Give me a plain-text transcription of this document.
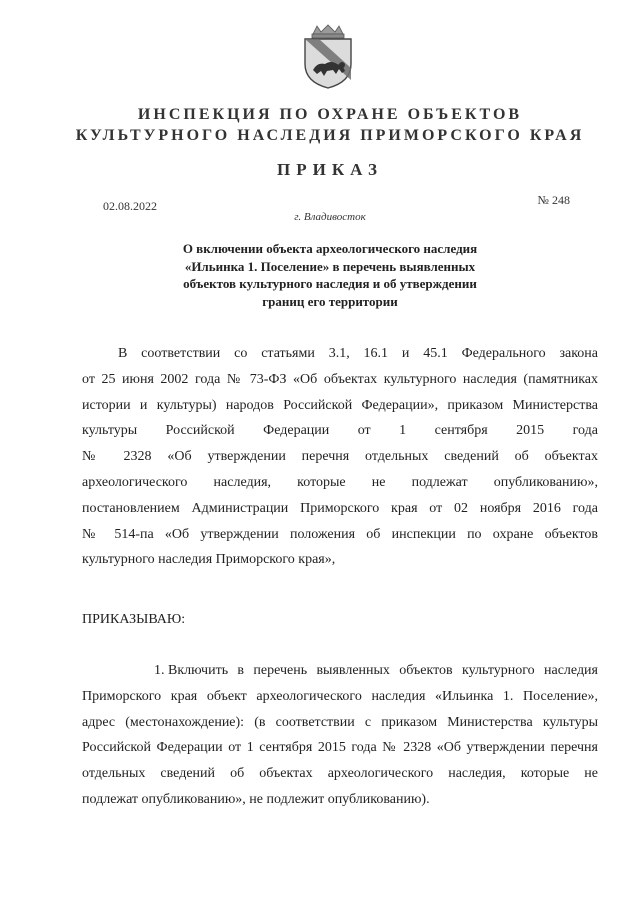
ИНСПЕКЦИЯ ПО ОХРАНЕ ОБЪЕКТОВ
КУЛЬТУРНОГО НАСЛЕДИЯ ПРИМОРСКОГО КРАЯ
ПРИКАЗ
02.08.2022	№ 248
г. Владивосток
О включении объекта археологического наследия
«Ильинка 1. Поселение» в перечень выявленных
объектов культурного наследия и об утверждении
границ его территории
В соответствии со статьями 3.1, 16.1 и 45.1 Федерального закона
от 25 июня 2002 года № 73-ФЗ «Об объектах культурного наследия (памятниках
истории и культуры) народов Российской Федерации», приказом Министерства
культуры Российской Федерации от 1 сентября 2015 года
№ 2328 «Об утверждении перечня отдельных сведений об объектах
археологического наследия, которые не подлежат опубликованию»,
постановлением Администрации Приморского края от 02 ноября 2016 года
№ 514-па «Об утверждении положения об инспекции по охране объектов
культурного наследия Приморского края»,
ПРИКАЗЫВАЮ:
1. Включить в перечень выявленных объектов культурного наследия
Приморского края объект археологического наследия «Ильинка 1. Поселение»,
адрес (местонахождение): (в соответствии с приказом Министерства культуры
Российской Федерации от 1 сентября 2015 года № 2328 «Об утверждении перечня
отдельных сведений об объектах археологического наследия, которые не
подлежат опубликованию», не подлежит опубликованию).
